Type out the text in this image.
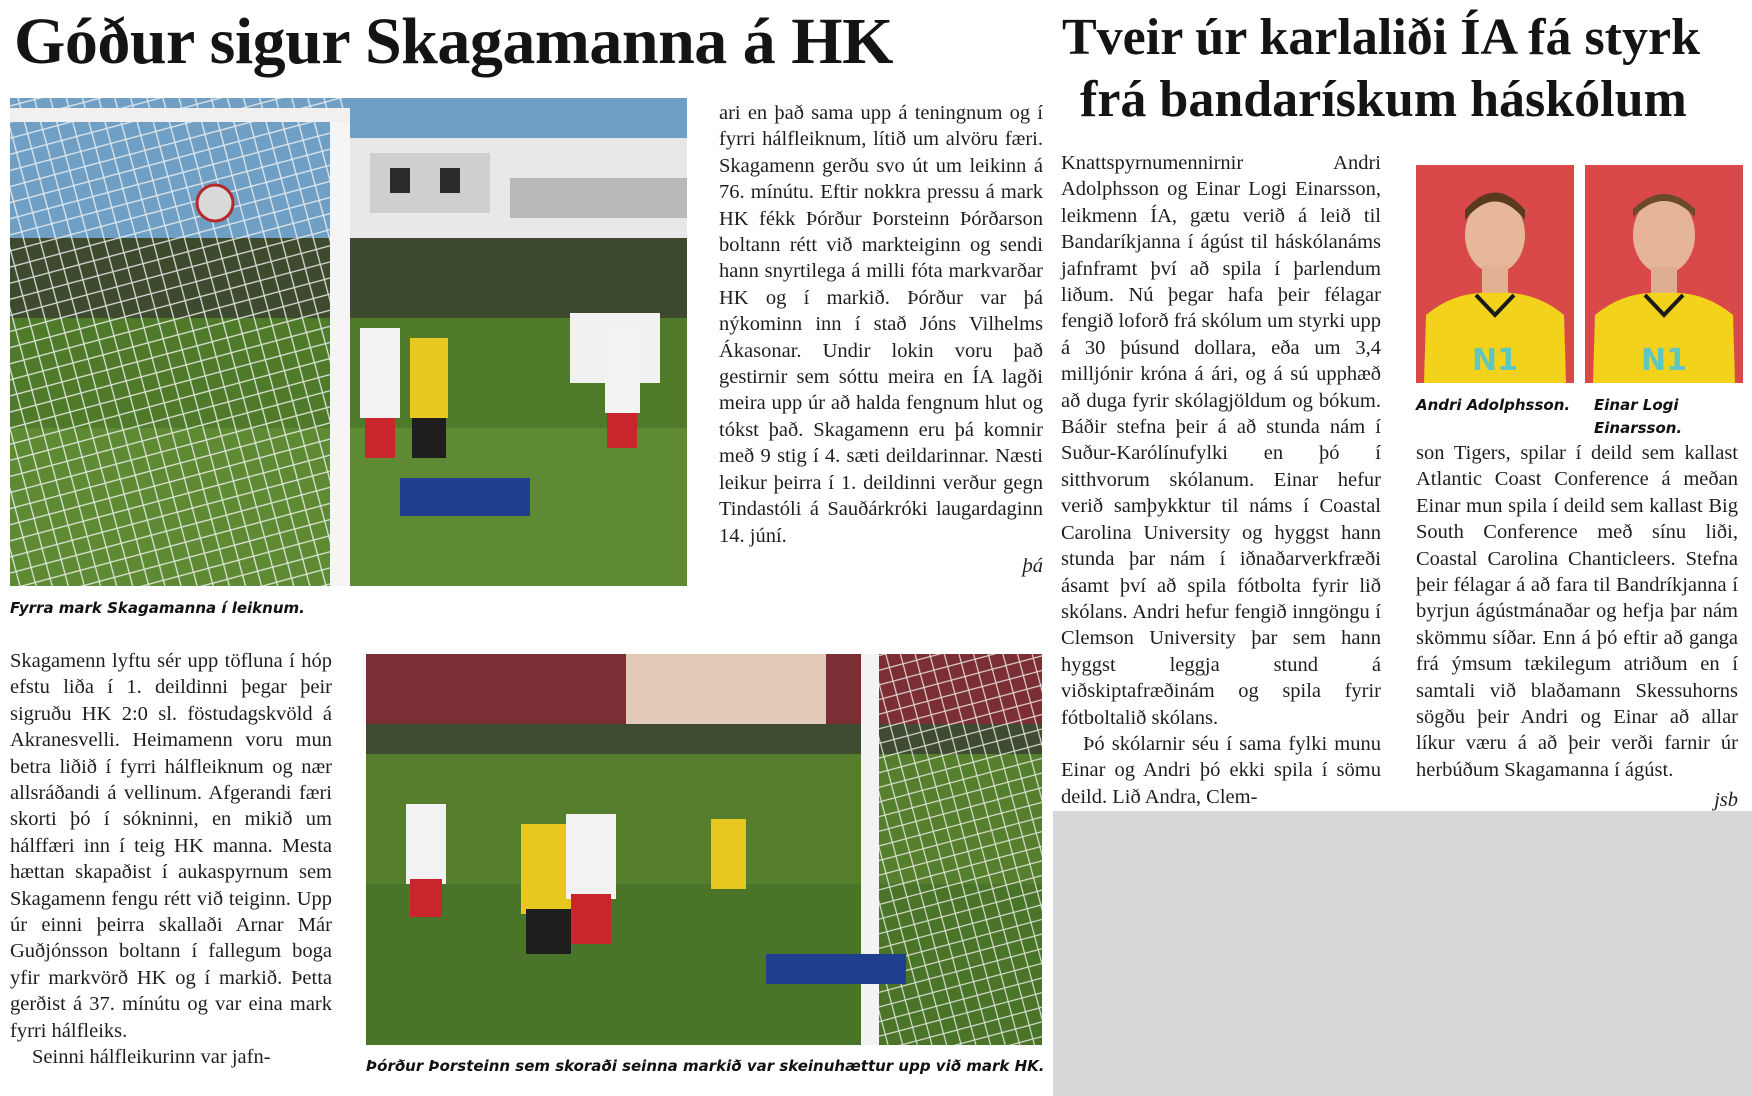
Góður sigur Skagamanna á HK
Fyrra mark Skagamanna í leiknum.

ari en það sama upp á teningnum og í fyrri hálfleiknum, lítið um alvöru færi. Skagamenn gerðu svo út um leikinn á 76. mínútu. Eftir nokkra pressu á mark HK fékk Þórður Þorsteinn Þórðarson boltann rétt við markteiginn og sendi hann snyrtilega á milli fóta markvarðar HK og í markið. Þórður var þá nýkominn inn í stað Jóns Vilhelms Ákasonar. Undir lokin voru það gestirnir sem sóttu meira en ÍA lagði meira upp úr að halda fengnum hlut og tókst það. Skagamenn eru þá komnir með 9 stig í 4. sæti deildarinnar. Næsti leikur þeirra í 1. deildinni verður gegn Tindastóli á Sauðárkróki laugardaginn 14. júní.

þá

Skagamenn lyftu sér upp töfluna í hóp efstu liða í 1. deildinni þegar þeir sigruðu HK 2:0 sl. föstudagskvöld á Akranesvelli. Heimamenn voru mun betra liðið í fyrri hálfleiknum og nær allsráðandi á vellinum. Afgerandi færi skorti þó í sókninni, en mikið um hálffæri inn í teig HK manna. Mesta hættan skapaðist í aukaspyrnum sem Skagamenn fengu rétt við teiginn. Upp úr einni þeirra skallaði Arnar Már Guðjónsson boltann í fallegum boga yfir markvörð HK og í markið. Þetta gerðist á 37. mínútu og var eina mark fyrri hálfleiks.

Seinni hálfleikurinn var jafn-	Þórður Þorsteinn sem skoraði seinna markið var skeinuhættur upp við mark HK.
Tveir úr karlaliði ÍA fá styrk
frá bandarískum háskólum

Knattspyrnumennirnir Andri Adolphsson og Einar Logi Einarsson, leikmenn ÍA, gætu verið á leið til Bandaríkjanna í ágúst til háskólanáms jafnframt því að spila í þarlendum liðum. Nú þegar hafa þeir félagar fengið loforð frá skólum um styrki upp á 30 þúsund dollara, eða um 3,4 milljónir króna á ári, og á sú upphæð að duga fyrir skólagjöldum og bókum. Báðir stefna þeir á að stunda nám í Suður-Karólínufylki en þó í sitthvorum skólanum. Einar hefur verið samþykktur til náms í Coastal Carolina University og hyggst hann stunda þar nám í iðnaðarverkfræði ásamt því að spila fótbolta fyrir lið skólans. Andri hefur fengið inngöngu í Clemson University þar sem hann hyggst leggja stund á viðskiptafræðinám og spila fyrir fótboltalið skólans.

Þó skólarnir séu í sama fylki munu Einar og Andri þó ekki spila í sömu deild. Lið Andra, Clem-

N1	N1
Andri Adolphsson. Einar Logi
Einarsson.

son Tigers, spilar í deild sem kallast Atlantic Coast Conference á meðan Einar mun spila í deild sem kallast Big South Conference með sínu liði, Coastal Carolina Chanticleers. Stefna þeir félagar á að fara til Bandríkjanna í byrjun ágústmánaðar og hefja þar nám skömmu síðar. Enn á þó eftir að ganga frá ýmsum tækilegum atriðum en í samtali við blaðamann Skessuhorns sögðu þeir Andri og Einar að allar líkur væru á að þeir verði farnir úr herbúðum Skagamanna í ágúst.

jsb
